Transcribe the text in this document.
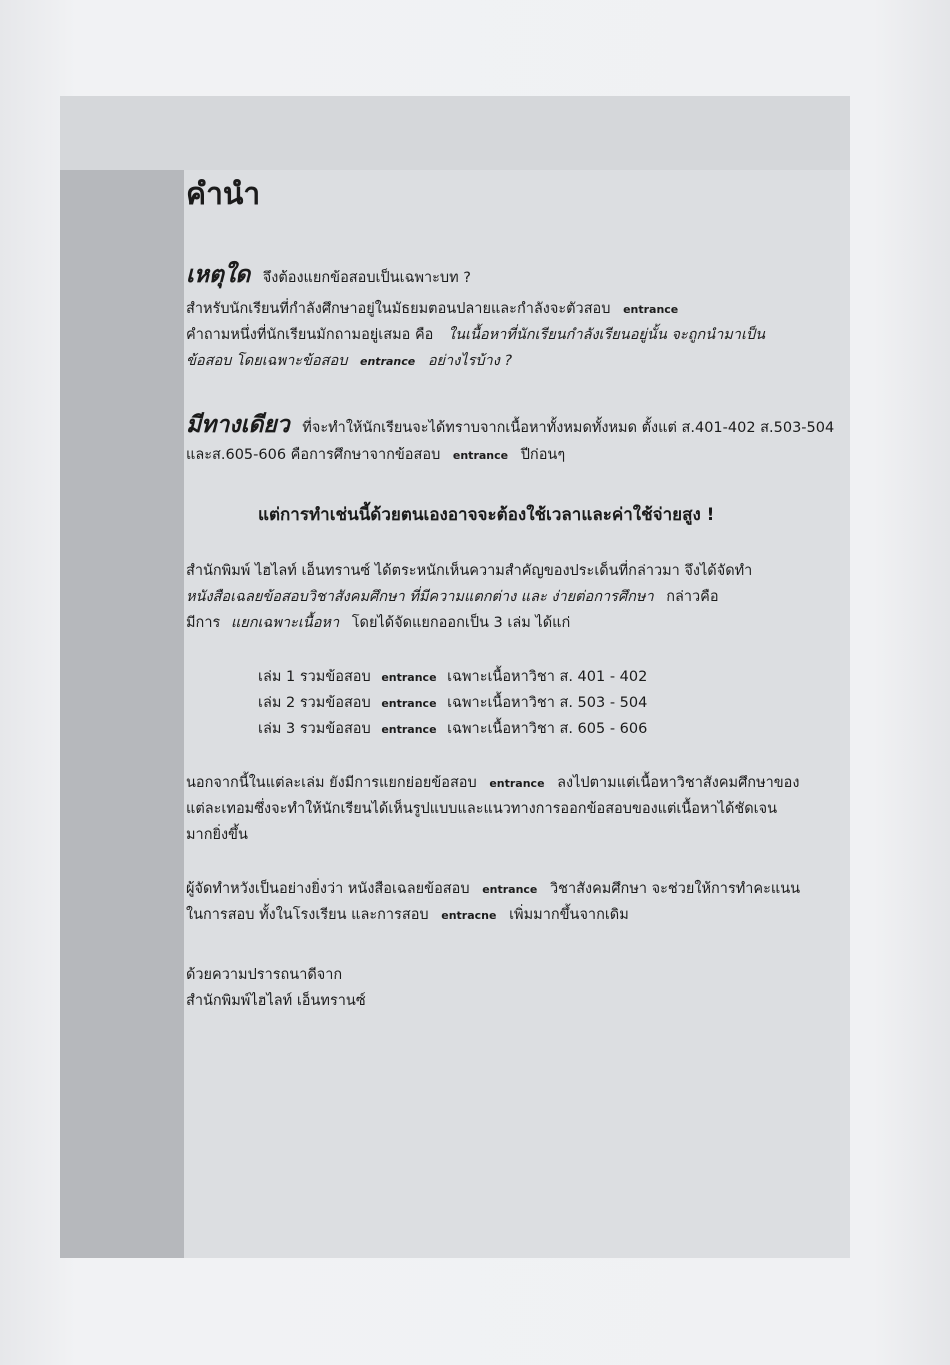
คำนำ
เหตุใด จึงต้องแยกข้อสอบเป็นเฉพาะบท ?
สำหรับนักเรียนที่กำลังศึกษาอยู่ในมัธยมตอนปลายและกำลังจะตัวสอบ entrance
คำถามหนึ่งที่นักเรียนมักถามอยู่เสมอ คือ ในเนื้อหาที่นักเรียนกำลังเรียนอยู่นั้น จะถูกนำมาเป็น
ข้อสอบ โดยเฉพาะข้อสอบ entrance อย่างไรบ้าง ?
มีทางเดียว ที่จะทำให้นักเรียนจะได้ทราบจากเนื้อหาทั้งหมดทั้งหมด ตั้งแต่ ส.401-402 ส.503-504
และส.605-606 คือการศึกษาจากข้อสอบ entrance ปีก่อนๆ
แต่การทำเช่นนี้ด้วยตนเองอาจจะต้องใช้เวลาและค่าใช้จ่ายสูง !
สำนักพิมพ์ ไฮไลท์ เอ็นทรานซ์ ได้ตระหนักเห็นความสำคัญของประเด็นที่กล่าวมา จึงได้จัดทำ
หนังสือเฉลยข้อสอบวิชาสังคมศึกษา ที่มีความแตกต่าง และ ง่ายต่อการศึกษา กล่าวคือ
มีการ แยกเฉพาะเนื้อหา โดยได้จัดแยกออกเป็น 3 เล่ม ได้แก่
เล่ม 1 รวมข้อสอบ entrance เฉพาะเนื้อหาวิชา ส. 401 - 402
เล่ม 2 รวมข้อสอบ entrance เฉพาะเนื้อหาวิชา ส. 503 - 504
เล่ม 3 รวมข้อสอบ entrance เฉพาะเนื้อหาวิชา ส. 605 - 606
นอกจากนี้ในแต่ละเล่ม ยังมีการแยกย่อยข้อสอบ entrance ลงไปตามแต่เนื้อหาวิชาสังคมศึกษาของ
แต่ละเทอมซึ่งจะทำให้นักเรียนได้เห็นรูปแบบและแนวทางการออกข้อสอบของแต่เนื้อหาได้ชัดเจน
มากยิ่งขึ้น
ผู้จัดทำหวังเป็นอย่างยิ่งว่า หนังสือเฉลยข้อสอบ entrance วิชาสังคมศึกษา จะช่วยให้การทำคะแนน
ในการสอบ ทั้งในโรงเรียน และการสอบ entracne เพิ่มมากขึ้นจากเดิม
ด้วยความปรารถนาดีจาก
สำนักพิมพ์ไฮไลท์ เอ็นทรานซ์
